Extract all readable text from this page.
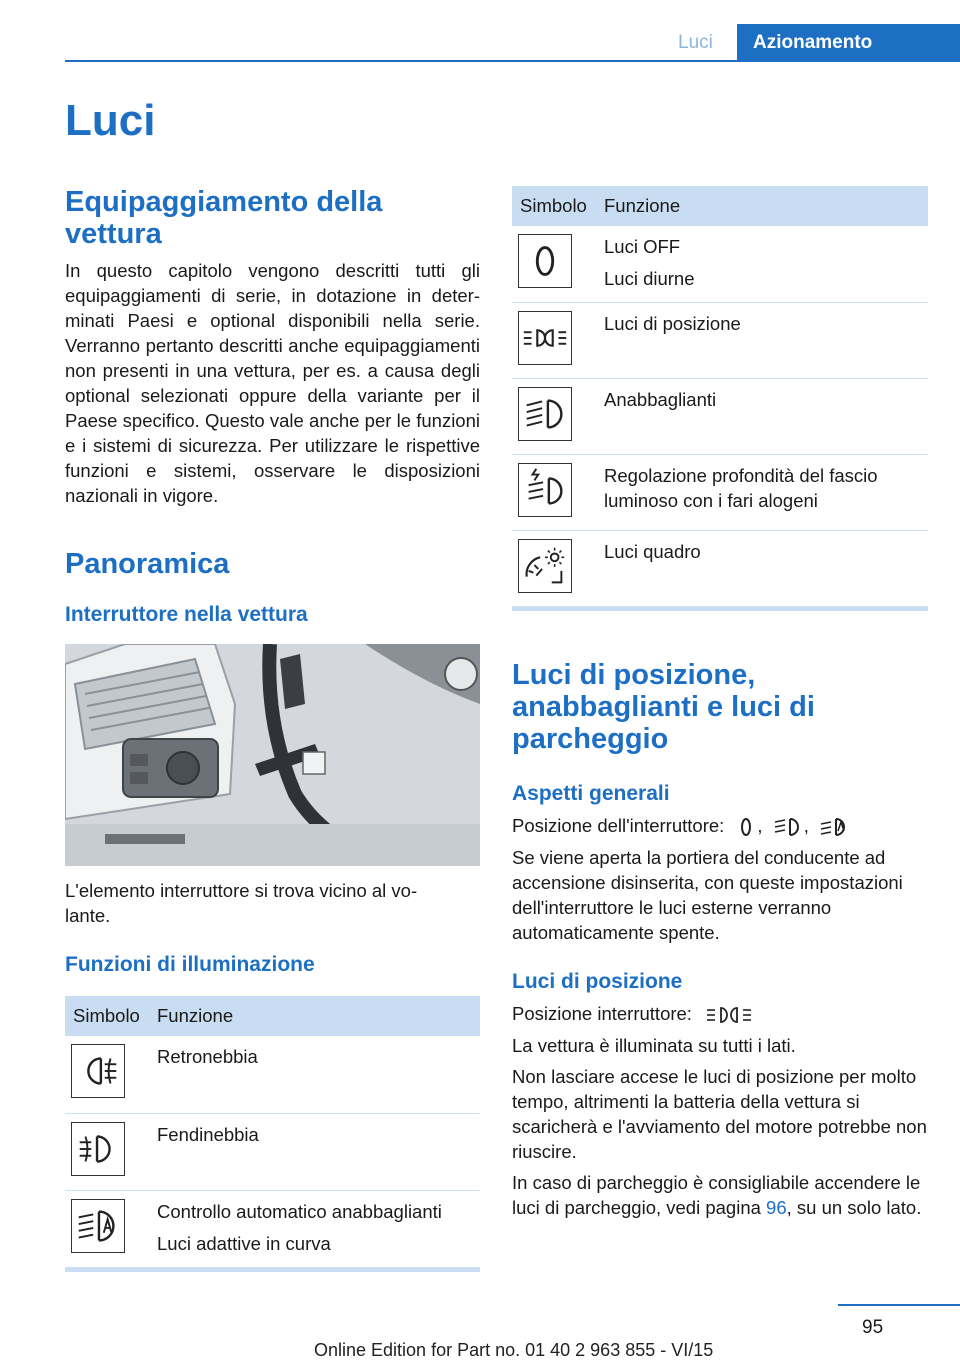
Luci	Azionamento
Luci
Equipaggiamento della vettura

In questo capitolo vengono descritti tutti gli equipaggiamenti di serie, in dotazione in determinati Paesi e optional disponibili nella serie. Verranno pertanto descritti anche equipaggiamenti non presenti in una vettura, per es. a causa degli optional selezionati oppure della variante per il Paese specifico. Questo vale anche per le funzioni e i sistemi di sicurezza. Per utilizzare le rispettive funzioni e sistemi, osservare le disposizioni nazionali in vigore.

Panoramica
Interruttore nella vettura

L'elemento interruttore si trova vicino al volante.

Funzioni di illuminazione
Simbolo	Funzione

Retronebbia

Fendinebbia

Controllo automatico anabbaglianti
Luci adattive in curva
Simbolo	Funzione

Luci OFF
Luci diurne

Luci di posizione

Anabbaglianti

Regolazione profondità del fascio luminoso con i fari alogeni

Luci quadro
Luci di posizione, anabbaglianti e luci di parcheggio
Aspetti generali

Posizione dell'interruttore: , ,

Se viene aperta la portiera del conducente ad accensione disinserita, con queste impostazioni dell'interruttore le luci esterne verranno automaticamente spente.

Luci di posizione

Posizione interruttore:

La vettura è illuminata su tutti i lati.

Non lasciare accese le luci di posizione per molto tempo, altrimenti la batteria della vettura si scaricherà e l'avviamento del motore potrebbe non riuscire.

In caso di parcheggio è consigliabile accendere le luci di parcheggio, vedi pagina 96, su un solo lato.

95
Online Edition for Part no. 01 40 2 963 855 - VI/15
